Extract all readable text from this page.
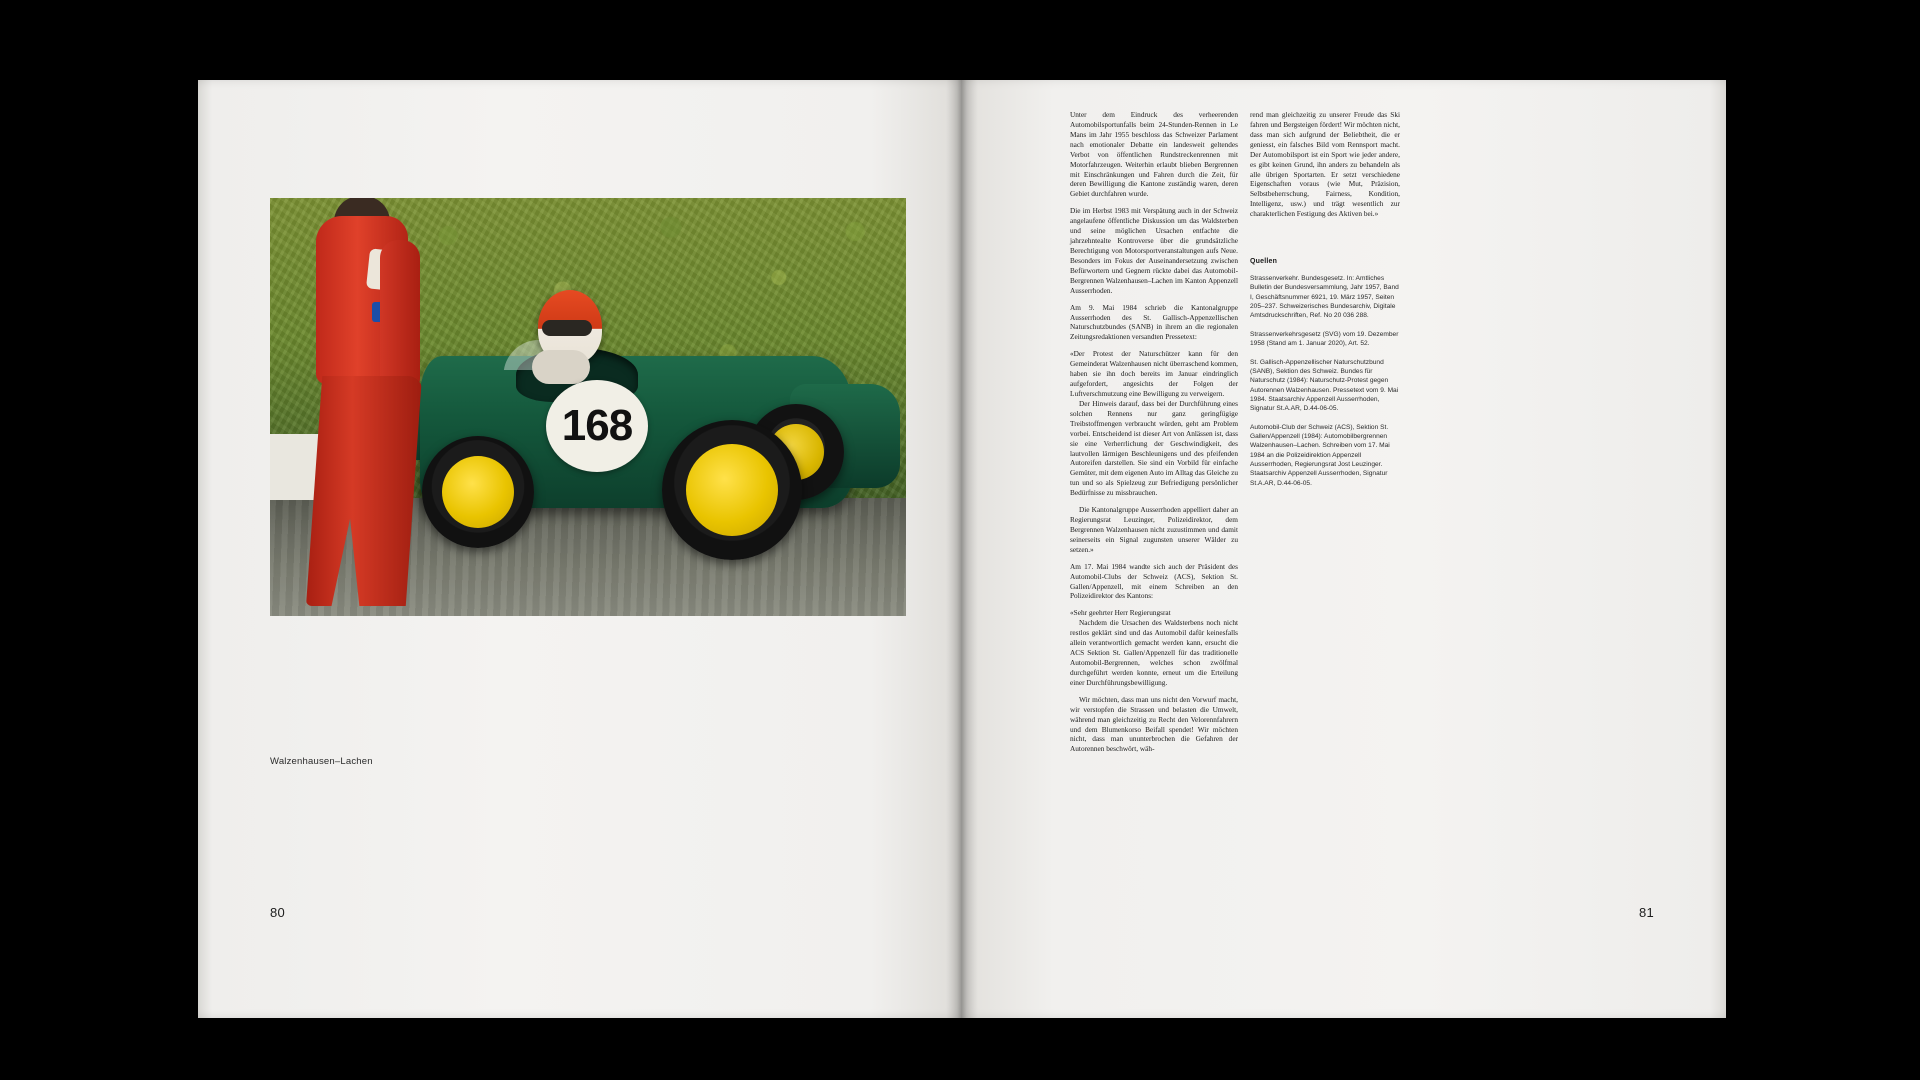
168
Walzenhausen–Lachen
80

Unter dem Eindruck des verheerenden Automobilsportunfalls beim 24-Stunden-Rennen in Le Mans im Jahr 1955 beschloss das Schweizer Parlament nach emotionaler Debatte ein landesweit geltendes Verbot von öffentlichen Rundstreckenrennen mit Motorfahrzeugen. Weiterhin erlaubt blieben Bergrennen mit Einschränkungen und Fahren durch die Zeit, für deren Bewilligung die Kantone zuständig waren, deren Gebiet durchfahren wurde.

Die im Herbst 1983 mit Verspätung auch in der Schweiz angelaufene öffentliche Diskussion um das Waldsterben und seine möglichen Ursachen entfachte die jahrzehntealte Kontroverse über die grundsätzliche Berechtigung von Motorsportveranstaltungen aufs Neue. Besonders im Fokus der Auseinandersetzung zwischen Befürwortern und Gegnern rückte dabei das Automobil-Bergrennen Walzenhausen–Lachen im Kanton Appenzell Ausserrhoden.

Am 9. Mai 1984 schrieb die Kantonalgruppe Ausserrhoden des St. Gallisch-Appenzellischen Naturschutzbundes (SANB) in ihrem an die regionalen Zeitungsredaktionen versandten Pressetext:

«Der Protest der Naturschützer kann für den Gemeinderat Walzenhausen nicht überraschend kommen, haben sie ihn doch bereits im Januar eindringlich aufgefordert, angesichts der Folgen der Luftverschmutzung eine Bewilligung zu verweigern.

Der Hinweis darauf, dass bei der Durchführung eines solchen Rennens nur ganz geringfügige Treibstoffmengen verbraucht würden, geht am Problem vorbei. Entscheidend ist dieser Art von Anlässen ist, dass sie eine Verherrlichung der Geschwindigkeit, des lautvollen lärmigen Beschleunigens und des pfeifenden Autoreifen darstellen. Sie sind ein Vorbild für einfache Gemüter, mit dem eigenen Auto im Alltag das Gleiche zu tun und so als Spielzeug zur Befriedigung persönlicher Bedürfnisse zu missbrauchen.

Die Kantonalgruppe Ausserrhoden appelliert daher an Regierungsrat Leuzinger, Polizeidirektor, dem Bergrennen Walzenhausen nicht zuzustimmen und damit seinerseits ein Signal zugunsten unserer Wälder zu setzen.»

Am 17. Mai 1984 wandte sich auch der Präsident des Automobil-Clubs der Schweiz (ACS), Sektion St. Gallen/Appenzell, mit einem Schreiben an den Polizeidirektor des Kantons:

«Sehr geehrter Herr Regierungsrat

Nachdem die Ursachen des Waldsterbens noch nicht restlos geklärt sind und das Automobil dafür keinesfalls allein verantwortlich gemacht werden kann, ersucht die ACS Sektion St. Gallen/Appenzell für das traditionelle Automobil-Bergrennen, welches schon zwölfmal durchgeführt werden konnte, erneut um die Erteilung einer Durchführungsbewilligung.

Wir möchten, dass man uns nicht den Vorwurf macht, wir verstopfen die Strassen und belasten die Umwelt, während man gleichzeitig zu Recht den Velorennfahrern und dem Blumenkorso Beifall spendet! Wir möchten nicht, dass man ununterbrochen die Gefahren der Autorennen beschwört, wäh-

rend man gleichzeitig zu unserer Freude das Ski fahren und Bergsteigen fördert! Wir möchten nicht, dass man sich aufgrund der Beliebtheit, die er geniesst, ein falsches Bild vom Rennsport macht. Der Automobilsport ist ein Sport wie jeder andere, es gibt keinen Grund, ihn anders zu behandeln als alle übrigen Sportarten. Er setzt verschiedene Eigenschaften voraus (wie Mut, Präzision, Selbstbeherrschung, Fairness, Kondition, Intelligenz, usw.) und trägt wesentlich zur charakterlichen Festigung des Aktiven bei.»

Quellen

Strassenverkehr. Bundesgesetz. In: Amtliches Bulletin der Bundesversammlung, Jahr 1957, Band I, Geschäftsnummer 6921, 19. März 1957, Seiten 205–237. Schweizerisches Bundesarchiv, Digitale Amtsdruckschriften, Ref. No 20 036 288.

Strassenverkehrsgesetz (SVG) vom 19. Dezember 1958 (Stand am 1. Januar 2020), Art. 52.

St. Gallisch-Appenzellischer Naturschutzbund (SANB), Sektion des Schweiz. Bundes für Naturschutz (1984): Naturschutz-Protest gegen Autorennen Walzenhausen. Pressetext vom 9. Mai 1984. Staatsarchiv Appenzell Ausserrhoden, Signatur St.A.AR, D.44-06-05.

Automobil-Club der Schweiz (ACS), Sektion St. Gallen/Appenzell (1984): Automobilbergrennen Walzenhausen–Lachen. Schreiben vom 17. Mai 1984 an die Polizeidirektion Appenzell Ausserrhoden, Regierungsrat Jost Leuzinger. Staatsarchiv Appenzell Ausserrhoden, Signatur St.A.AR, D.44-06-05.

81
